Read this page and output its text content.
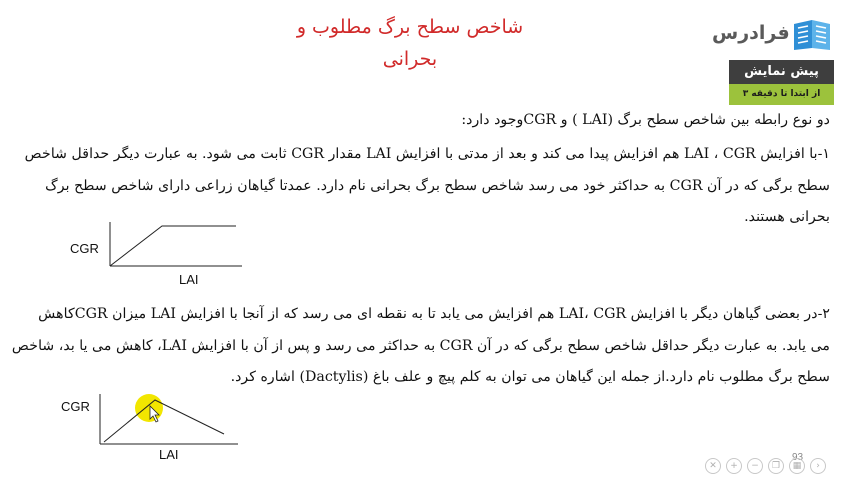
شاخص سطح برگ مطلوب و
بحرانی
فرادرس
پیش نمایش
از ابتدا تا دقیقه ۳
دو نوع رابطه بین شاخص سطح برگ (LAI ) و CGRوجود دارد:
۱-با افزایش LAI ، CGR هم افزایش پیدا می کند و بعد از مدتی با افزایش LAI مقدار CGR ثابت می شود. به عبارت دیگر حداقل شاخص
سطح برگی که در آن CGR به حداکثر خود می رسد شاخص سطح برگ بحرانی نام دارد. عمدتا گیاهان زراعی دارای شاخص سطح برگ
بحرانی هستند.
CGR
LAI
۲-در بعضی گیاهان دیگر با افزایش LAI، CGR هم افزایش می یابد تا به نقطه ای می رسد که از آنجا با افزایش LAI میزان CGRکاهش
می یابد. به عبارت دیگر حداقل شاخص سطح برگی که در آن CGR به حداکثر می رسد و پس از آن با افزایش LAI، کاهش می یا بد، شاخص
سطح برگ مطلوب نام دارد.از جمله این گیاهان می توان به کلم پیچ و علف باغ (Dactylis) اشاره کرد.
CGR
LAI	93
✕	+	−	❐	▦	›
